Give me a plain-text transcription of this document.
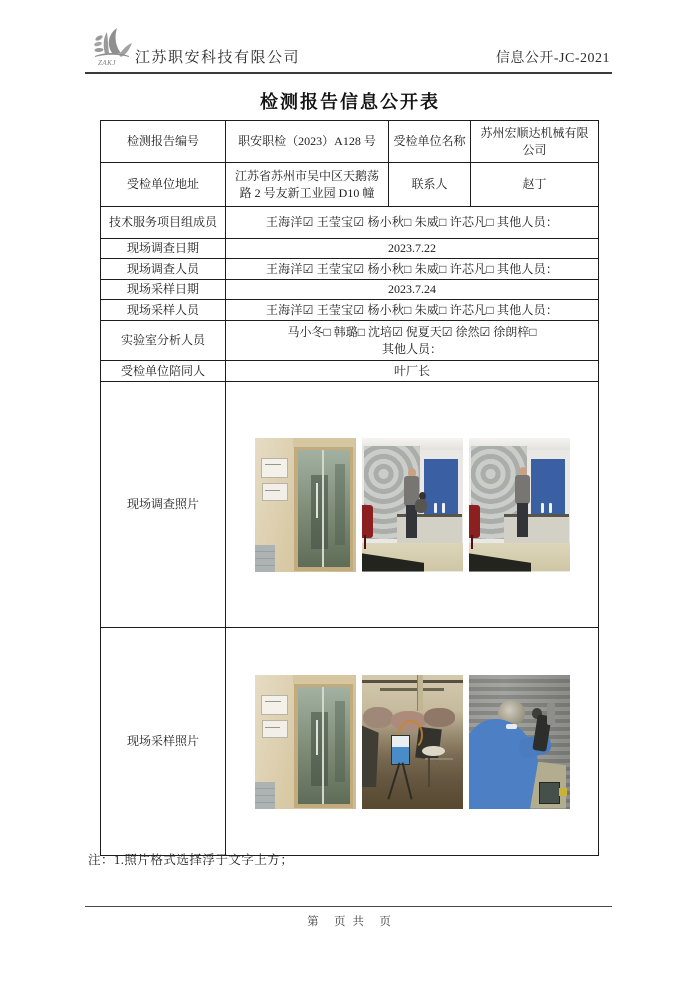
ZAKJ 江苏职安科技有限公司	信息公开-JC-2021
检测报告信息公开表
检测报告编号	职安职检（2023）A128 号	受检单位名称	苏州宏顺达机械有限公司
受检单位地址	江苏省苏州市吴中区天鹅荡路 2 号友新工业园 D10 幢	联系人	赵丁
技术服务项目组成员	王海洋☑ 王莹宝☑ 杨小秋□ 朱威□ 许芯凡□ 其他人员：		
现场调查日期	2023.7.22		
现场调查人员	王海洋☑ 王莹宝☑ 杨小秋□ 朱威□ 许芯凡□ 其他人员：		
现场采样日期	2023.7.24		
现场采样人员	王海洋☑ 王莹宝☑ 杨小秋□ 朱威□ 许芯凡□ 其他人员：		
实验室分析人员	马小冬□ 韩璐□ 沈培☑ 倪夏天☑ 徐然☑ 徐朗梓□
其他人员：		

受检单位陪同人	叶厂长		
现场调查照片			

现场采样照片			
注：1.照片格式选择浮于文字上方；
第　页 共　页
